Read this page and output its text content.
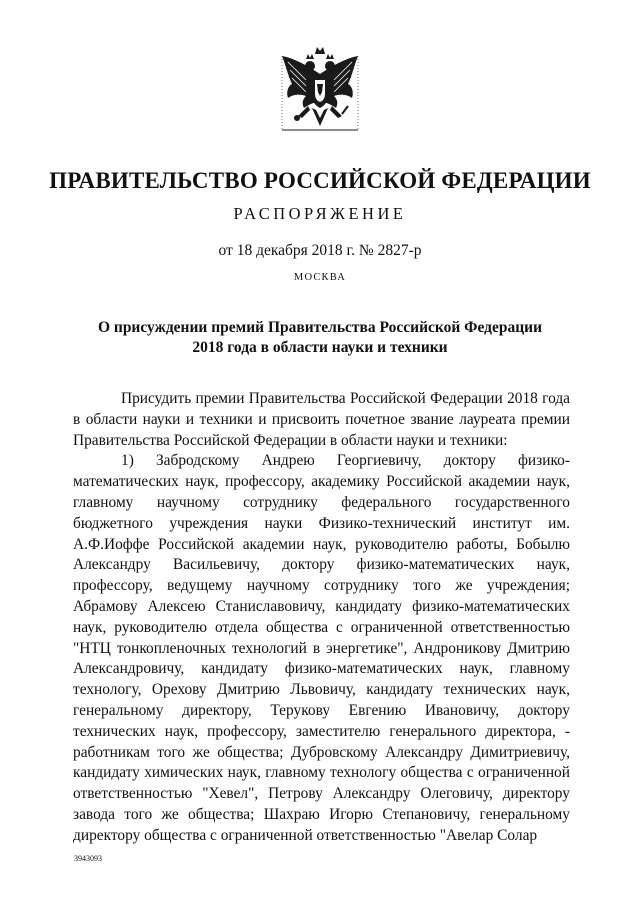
ПРАВИТЕЛЬСТВО РОССИЙСКОЙ ФЕДЕРАЦИИ
РАСПОРЯЖЕНИЕ
от 18 декабря 2018 г. № 2827-р
МОСКВА
О присуждении премий Правительства Российской Федерации
2018 года в области науки и техники

Присудить премии Правительства Российской Федерации 2018 года в области науки и техники и присвоить почетное звание лауреата премии Правительства Российской Федерации в области науки и техники:

1) Забродскому Андрею Георгиевичу, доктору физико-математических наук, профессору, академику Российской академии наук, главному научному сотруднику федерального государственного бюджетного учреждения науки Физико-технический институт им. А.Ф.Иоффе Российской академии наук, руководителю работы, Бобылю Александру Васильевичу, доктору физико-математических наук, профессору, ведущему научному сотруднику того же учреждения; Абрамову Алексею Станиславовичу, кандидату физико-математических наук, руководителю отдела общества с ограниченной ответственностью "НТЦ тонкопленочных технологий в энергетике", Андроникову Дмитрию Александровичу, кандидату физико-математических наук, главному технологу, Орехову Дмитрию Львовичу, кандидату технических наук, генеральному директору, Терукову Евгению Ивановичу, доктору технических наук, профессору, заместителю генерального директора, - работникам того же общества; Дубровскому Александру Димитриевичу, кандидату химических наук, главному технологу общества с ограниченной ответственностью "Хевел", Петрову Александру Олеговичу, директору завода того же общества; Шахраю Игорю Степановичу, генеральному директору общества с ограниченной ответственностью "Авелар Солар

3943093
